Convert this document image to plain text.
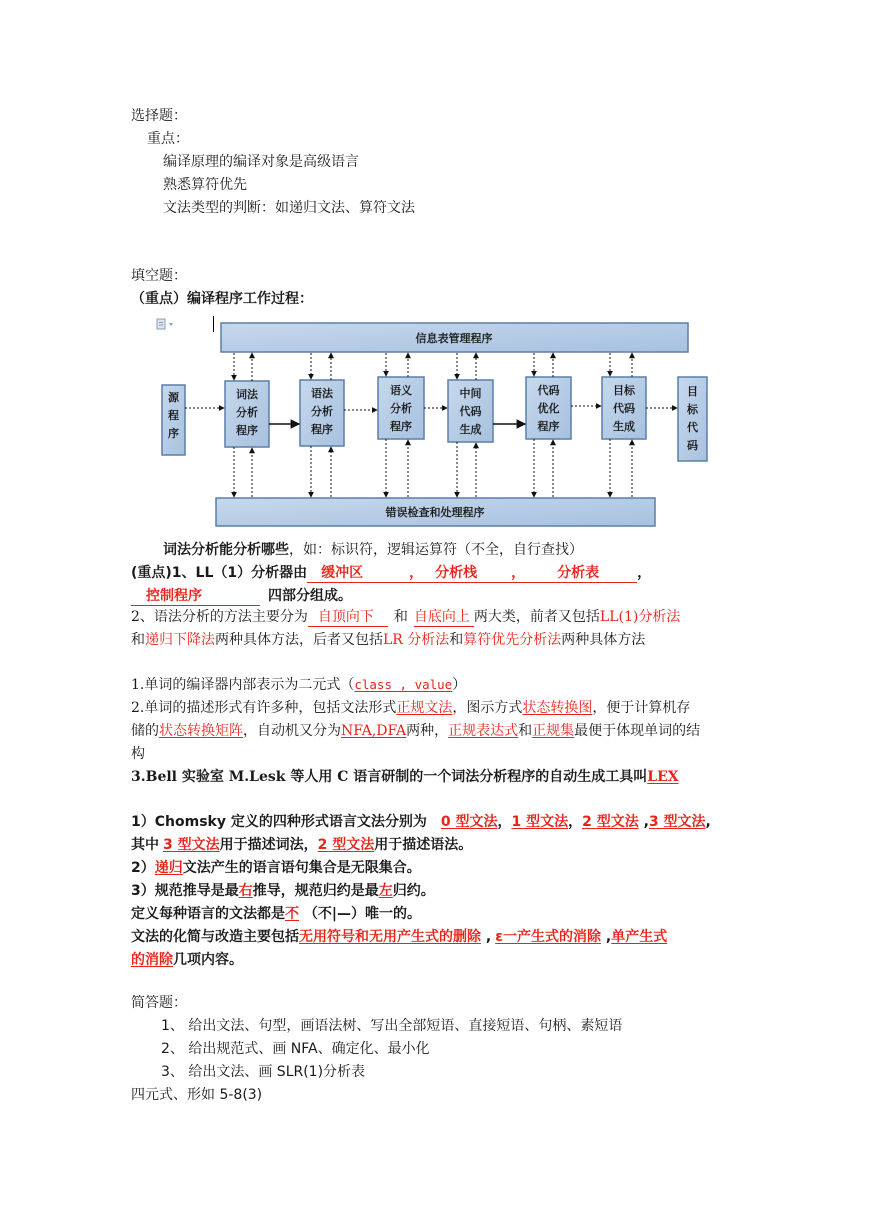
选择题：
重点：
编译原理的编译对象是高级语言
熟悉算符优先
文法类型的判断：如递归文法、算符文法
填空题：
（重点）编译程序工作过程：
信息表管理程序
错误检查和处理程序
源
程
序
目
标
代
码
词法
分析
程序
语法
分析
程序
语义
分析
程序
中间
代码
生成
代码
优化
程序
目标
代码
生成
词法分析能分析哪些，如：标识符，逻辑运算符（不全，自行查找）
(重点)1、LL（1）分析器由 缓冲区	， 分析栈 ， 分析表	，
控制程序	四部分组成。
2、语法分析的方法主要分为 自顶向下 和 自底向上 两大类，前者又包括LL(1)分析法
和递归下降法两种具体方法，后者又包括LR 分析法和算符优先分析法两种具体方法
1.单词的编译器内部表示为二元式（class , value）
2.单词的描述形式有许多种，包括文法形式正规文法，图示方式状态转换图，便于计算机存
储的状态转换矩阵，自动机又分为NFA,DFA两种，正规表达式和正规集最便于体现单词的结
构
3.Bell 实验室 M.Lesk 等人用 C 语言研制的一个词法分析程序的自动生成工具叫LEX
1）Chomsky 定义的四种形式语言文法分别为 0 型文法，1 型文法，2 型文法 ,3 型文法,
其中 3 型文法用于描述词法，2 型文法用于描述语法。
2）递归文法产生的语言语句集合是无限集合。
3）规范推导是最右推导，规范归约是最左归约。
定义每种语言的文法都是不 （不|—）唯一的。
文法的化简与改造主要包括无用符号和无用产生式的删除 , ε一产生式的消除 ,单产生式
的消除几项内容。
简答题：
1、 给出文法、句型，画语法树、写出全部短语、直接短语、句柄、素短语
2、 给出规范式、画 NFA、确定化、最小化
3、 给出文法、画 SLR(1)分析表
四元式、形如 5-8(3)
